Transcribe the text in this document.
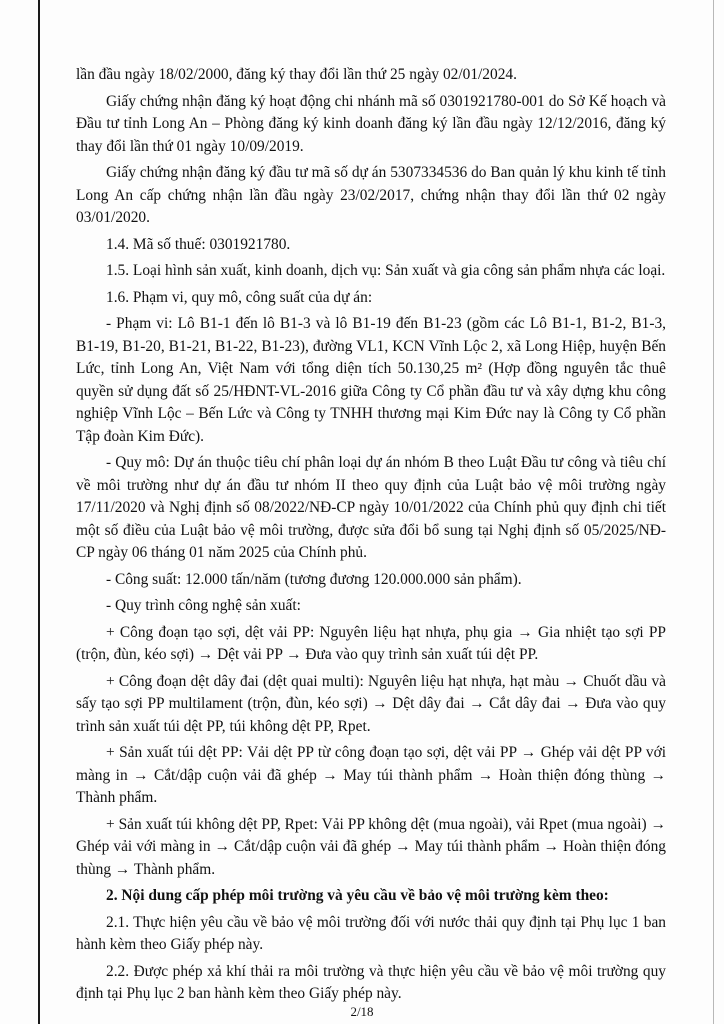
lần đầu ngày 18/02/2000, đăng ký thay đổi lần thứ 25 ngày 02/01/2024.

Giấy chứng nhận đăng ký hoạt động chi nhánh mã số 0301921780-001 do Sở Kế hoạch và Đầu tư tỉnh Long An – Phòng đăng ký kinh doanh đăng ký lần đầu ngày 12/12/2016, đăng ký thay đổi lần thứ 01 ngày 10/09/2019.

Giấy chứng nhận đăng ký đầu tư mã số dự án 5307334536 do Ban quản lý khu kinh tế tỉnh Long An cấp chứng nhận lần đầu ngày 23/02/2017, chứng nhận thay đổi lần thứ 02 ngày 03/01/2020.

1.4. Mã số thuế: 0301921780.

1.5. Loại hình sản xuất, kinh doanh, dịch vụ: Sản xuất và gia công sản phẩm nhựa các loại.

1.6. Phạm vi, quy mô, công suất của dự án:

- Phạm vi: Lô B1-1 đến lô B1-3 và lô B1-19 đến B1-23 (gồm các Lô B1-1, B1-2, B1-3, B1-19, B1-20, B1-21, B1-22, B1-23), đường VL1, KCN Vĩnh Lộc 2, xã Long Hiệp, huyện Bến Lức, tỉnh Long An, Việt Nam với tổng diện tích 50.130,25 m² (Hợp đồng nguyên tắc thuê quyền sử dụng đất số 25/HĐNT-VL-2016 giữa Công ty Cổ phần đầu tư và xây dựng khu công nghiệp Vĩnh Lộc – Bến Lức và Công ty TNHH thương mại Kim Đức nay là Công ty Cổ phần Tập đoàn Kim Đức).

- Quy mô: Dự án thuộc tiêu chí phân loại dự án nhóm B theo Luật Đầu tư công và tiêu chí về môi trường như dự án đầu tư nhóm II theo quy định của Luật bảo vệ môi trường ngày 17/11/2020 và Nghị định số 08/2022/NĐ-CP ngày 10/01/2022 của Chính phủ quy định chi tiết một số điều của Luật bảo vệ môi trường, được sửa đổi bổ sung tại Nghị định số 05/2025/NĐ-CP ngày 06 tháng 01 năm 2025 của Chính phủ.

- Công suất: 12.000 tấn/năm (tương đương 120.000.000 sản phẩm).

- Quy trình công nghệ sản xuất:

+ Công đoạn tạo sợi, dệt vải PP: Nguyên liệu hạt nhựa, phụ gia → Gia nhiệt tạo sợi PP (trộn, đùn, kéo sợi) → Dệt vải PP → Đưa vào quy trình sản xuất túi dệt PP.

+ Công đoạn dệt dây đai (dệt quai multi): Nguyên liệu hạt nhựa, hạt màu → Chuốt dầu và sấy tạo sợi PP multilament (trộn, đùn, kéo sợi) → Dệt dây đai → Cắt dây đai → Đưa vào quy trình sản xuất túi dệt PP, túi không dệt PP, Rpet.

+ Sản xuất túi dệt PP: Vải dệt PP từ công đoạn tạo sợi, dệt vải PP → Ghép vải dệt PP với màng in → Cắt/dập cuộn vải đã ghép → May túi thành phẩm → Hoàn thiện đóng thùng → Thành phẩm.

+ Sản xuất túi không dệt PP, Rpet: Vải PP không dệt (mua ngoài), vải Rpet (mua ngoài) → Ghép vải với màng in → Cắt/dập cuộn vải đã ghép → May túi thành phẩm → Hoàn thiện đóng thùng → Thành phẩm.

2. Nội dung cấp phép môi trường và yêu cầu về bảo vệ môi trường kèm theo:

2.1. Thực hiện yêu cầu về bảo vệ môi trường đối với nước thải quy định tại Phụ lục 1 ban hành kèm theo Giấy phép này.

2.2. Được phép xả khí thải ra môi trường và thực hiện yêu cầu về bảo vệ môi trường quy định tại Phụ lục 2 ban hành kèm theo Giấy phép này.

2/18
